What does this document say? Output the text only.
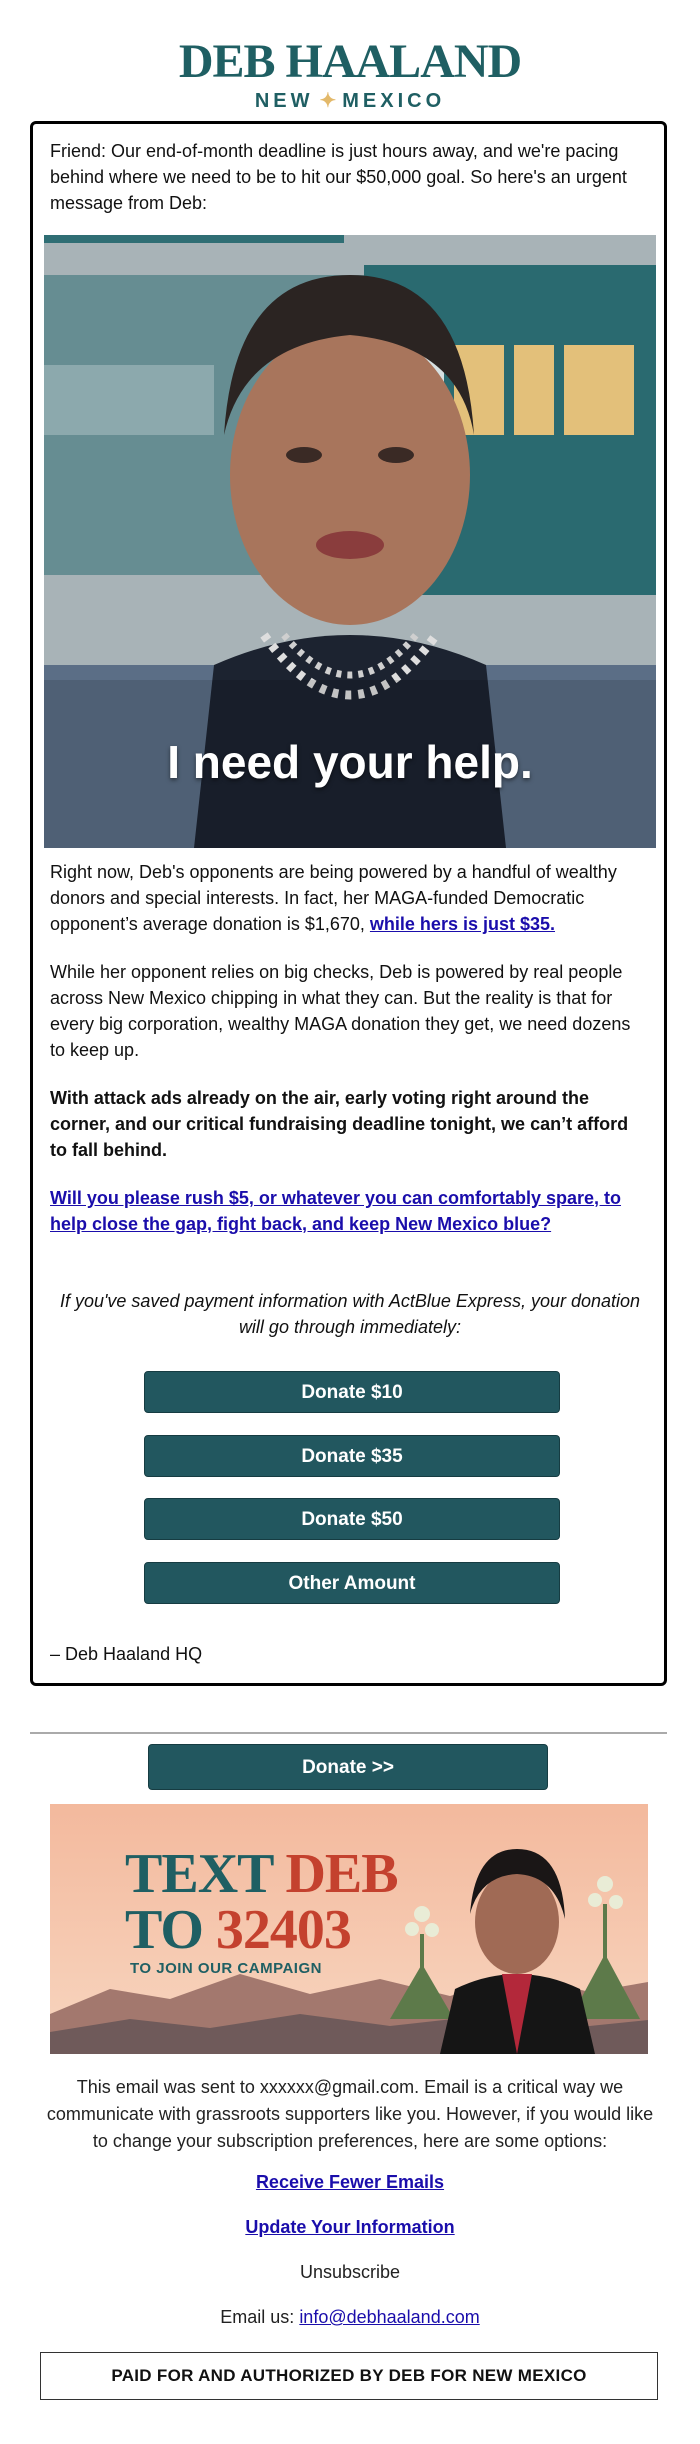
DEB HAALAND
NEW ✦ MEXICO

Friend: Our end-of-month deadline is just hours away, and we're pacing behind where we need to be to hit our $50,000 goal. So here's an urgent message from Deb:

I need your help.

Right now, Deb's opponents are being powered by a handful of wealthy donors and special interests. In fact, her MAGA-funded Democratic opponent’s average donation is $1,670, while hers is just $35.

While her opponent relies on big checks, Deb is powered by real people across New Mexico chipping in what they can. But the reality is that for every big corporation, wealthy MAGA donation they get, we need dozens to keep up.

With attack ads already on the air, early voting right around the corner, and our critical fundraising deadline tonight, we can’t afford to fall behind.

Will you please rush $5, or whatever you can comfortably spare, to help close the gap, fight back, and keep New Mexico blue?

If you've saved payment information with ActBlue Express, your donation will go through immediately:

Donate $10
Donate $35
Donate $50
Other Amount

– Deb Haaland HQ

Donate >>
TEXT DEB
TO 32403
TO JOIN OUR CAMPAIGN

This email was sent to xxxxxx@gmail.com. Email is a critical way we communicate with grassroots supporters like you. However, if you would like to change your subscription preferences, here are some options:

Receive Fewer Emails
Update Your Information
Unsubscribe
Email us: info@debhaaland.com
PAID FOR AND AUTHORIZED BY DEB FOR NEW MEXICO
